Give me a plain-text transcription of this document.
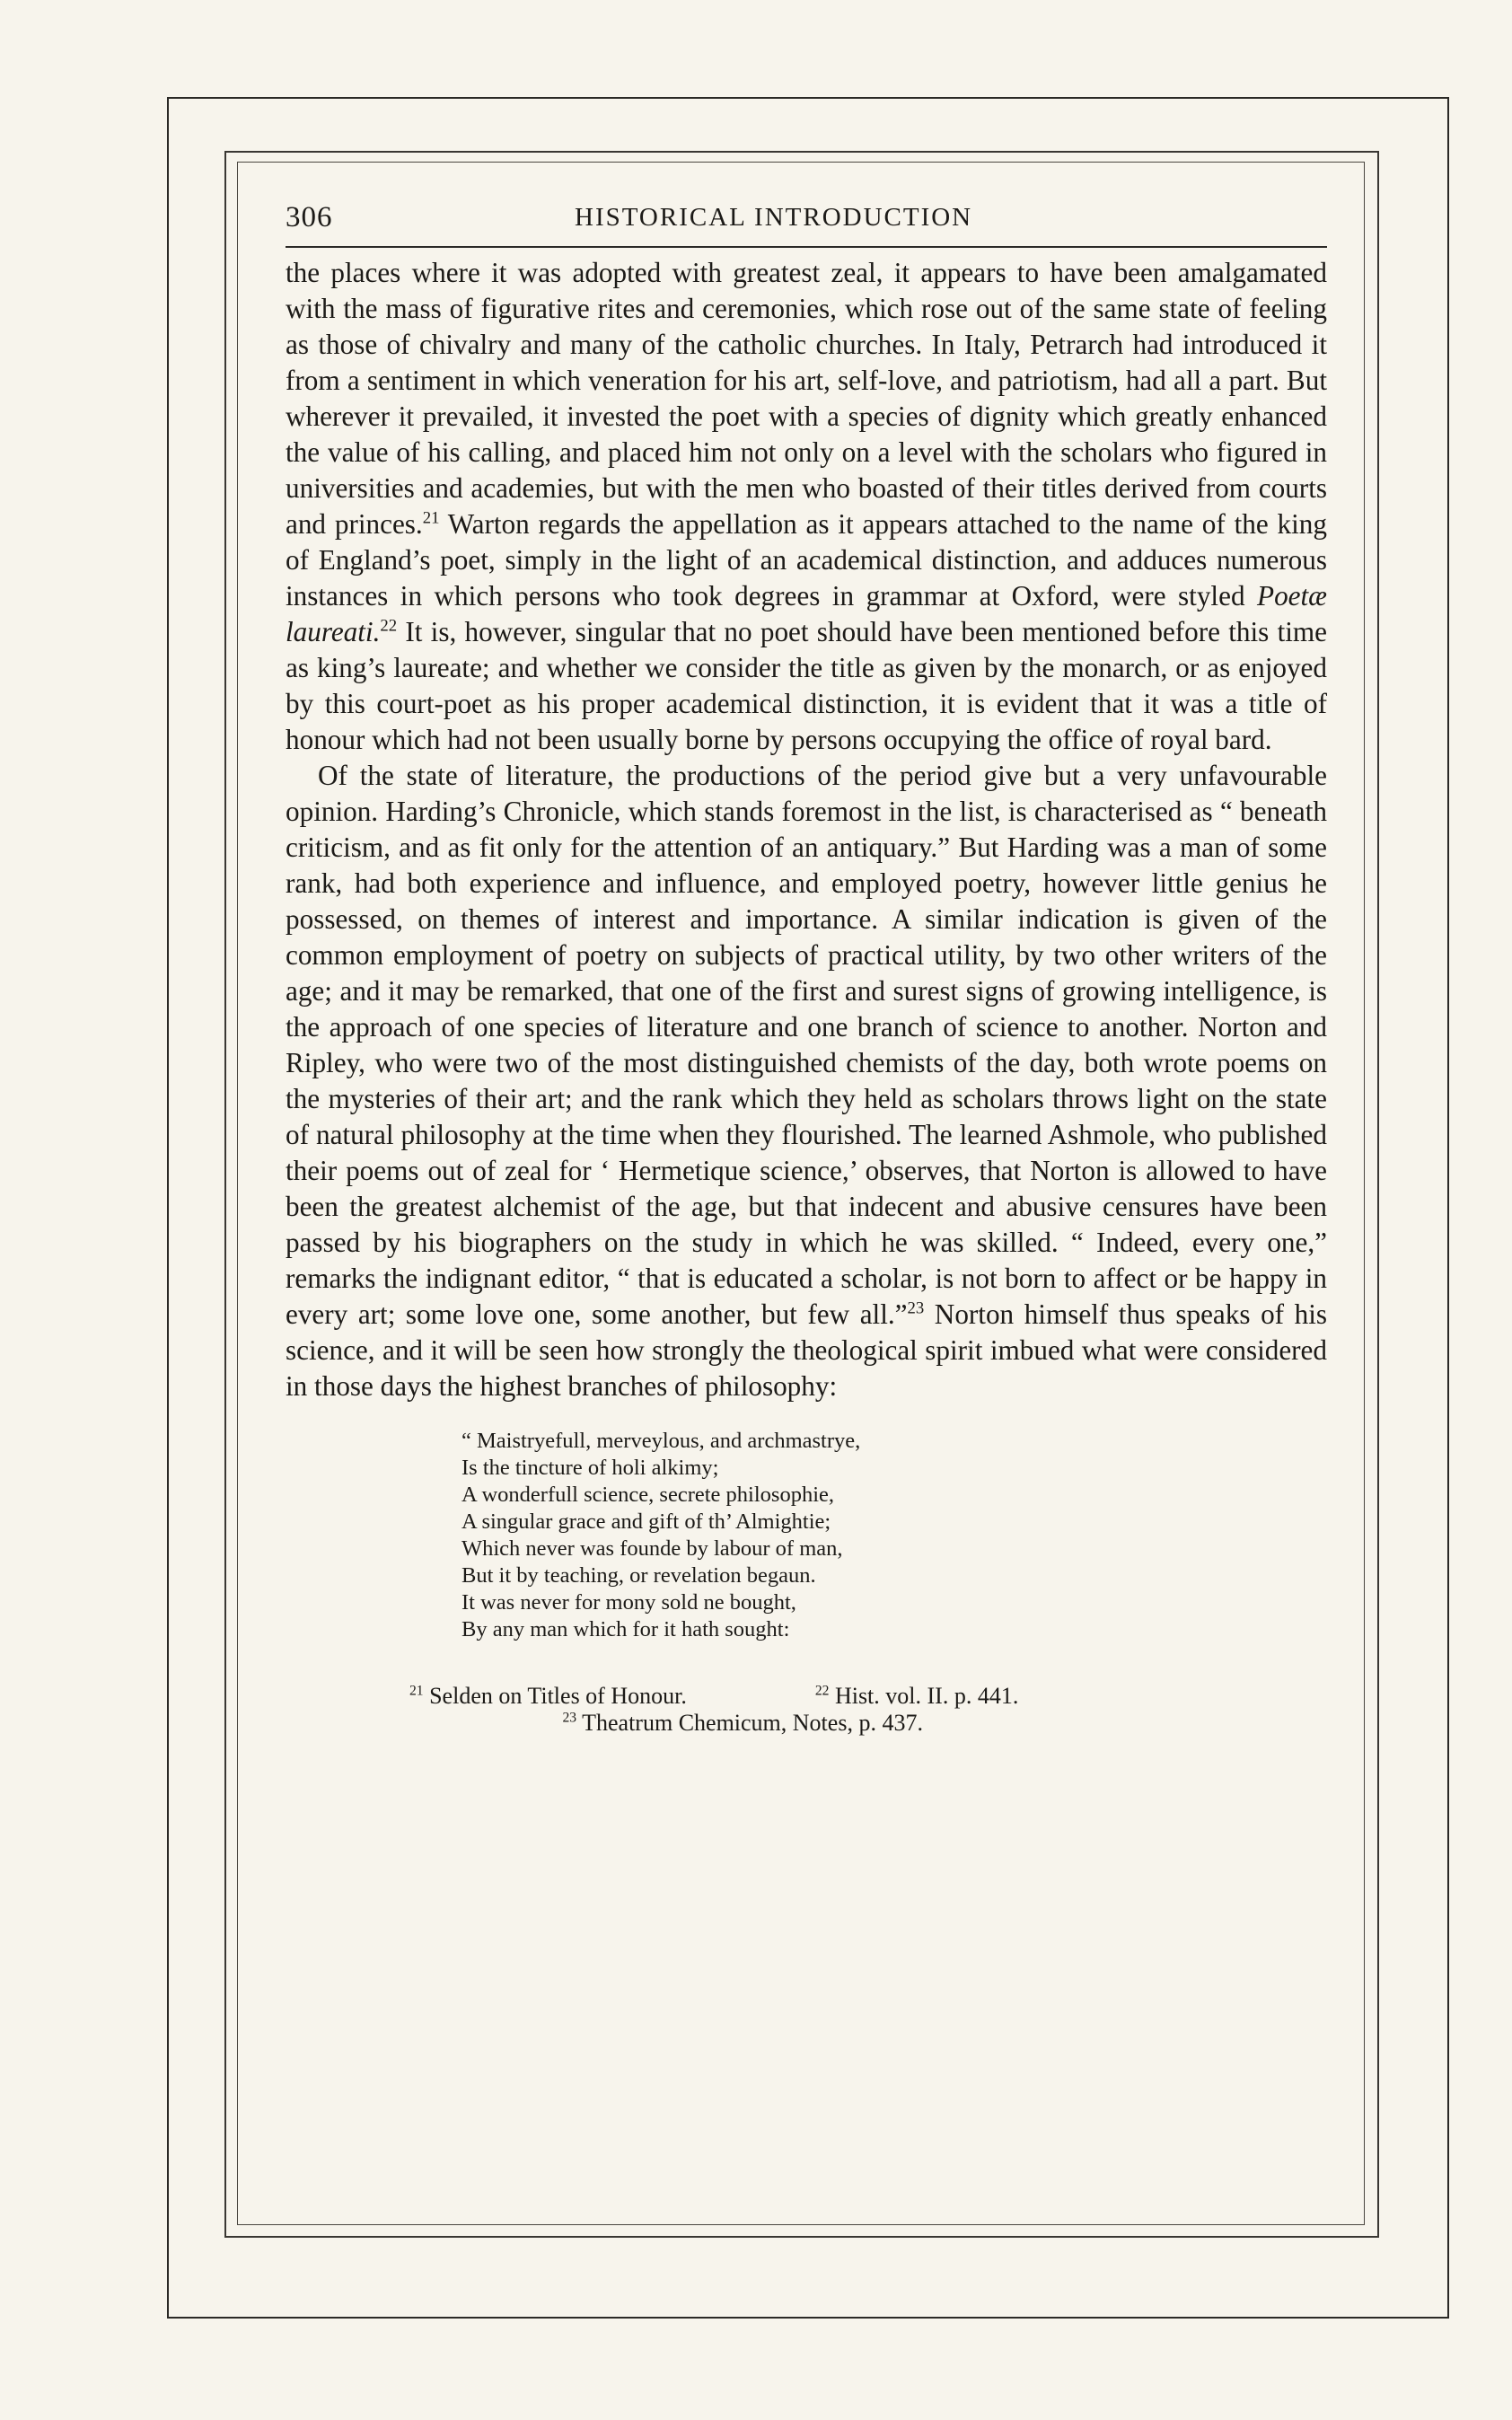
306	HISTORICAL INTRODUCTION

the places where it was adopted with greatest zeal, it appears to have been amalgamated with the mass of figurative rites and ceremonies, which rose out of the same state of feeling as those of chivalry and many of the catholic churches. In Italy, Petrarch had introduced it from a sentiment in which veneration for his art, self-love, and patriotism, had all a part. But wherever it prevailed, it invested the poet with a species of dignity which greatly enhanced the value of his calling, and placed him not only on a level with the scholars who figured in universities and academies, but with the men who boasted of their titles derived from courts and princes.$^{21}$ Warton regards the appellation as it appears attached to the name of the king of England’s poet, simply in the light of an academical distinction, and adduces numerous instances in which persons who took degrees in grammar at Oxford, were styled Poetæ laureati.$^{22}$ It is, however, singular that no poet should have been mentioned before this time as king’s laureate; and whether we consider the title as given by the monarch, or as enjoyed by this court-poet as his proper academical distinction, it is evident that it was a title of honour which had not been usually borne by persons occupying the office of royal bard.

Of the state of literature, the productions of the period give but a very unfavourable opinion. Harding’s Chronicle, which stands foremost in the list, is characterised as “ beneath criticism, and as fit only for the attention of an antiquary.” But Harding was a man of some rank, had both experience and influence, and employed poetry, however little genius he possessed, on themes of interest and importance. A similar indication is given of the common employment of poetry on subjects of practical utility, by two other writers of the age; and it may be remarked, that one of the first and surest signs of growing intelligence, is the approach of one species of literature and one branch of science to another. Norton and Ripley, who were two of the most distinguished chemists of the day, both wrote poems on the mysteries of their art; and the rank which they held as scholars throws light on the state of natural philosophy at the time when they flourished. The learned Ashmole, who published their poems out of zeal for ‘ Hermetique science,’ observes, that Norton is allowed to have been the greatest alchemist of the age, but that indecent and abusive censures have been passed by his biographers on the study in which he was skilled. “ Indeed, every one,” remarks the indignant editor, “ that is educated a scholar, is not born to affect or be happy in every art; some love one, some another, but few all.”$^{23}$ Norton himself thus speaks of his science, and it will be seen how strongly the theological spirit imbued what were considered in those days the highest branches of philosophy:

“ Maistryefull, merveylous, and archmastrye,
Is the tincture of holi alkimy;
A wonderfull science, secrete philosophie,
A singular grace and gift of th’ Almightie;
Which never was founde by labour of man,
But it by teaching, or revelation begaun.
It was never for mony sold ne bought,
By any man which for it hath sought:
$^{21}$ Selden on Titles of Honour.	$^{22}$ Hist. vol. II. p. 441.
$^{23}$ Theatrum Chemicum, Notes, p. 437.
